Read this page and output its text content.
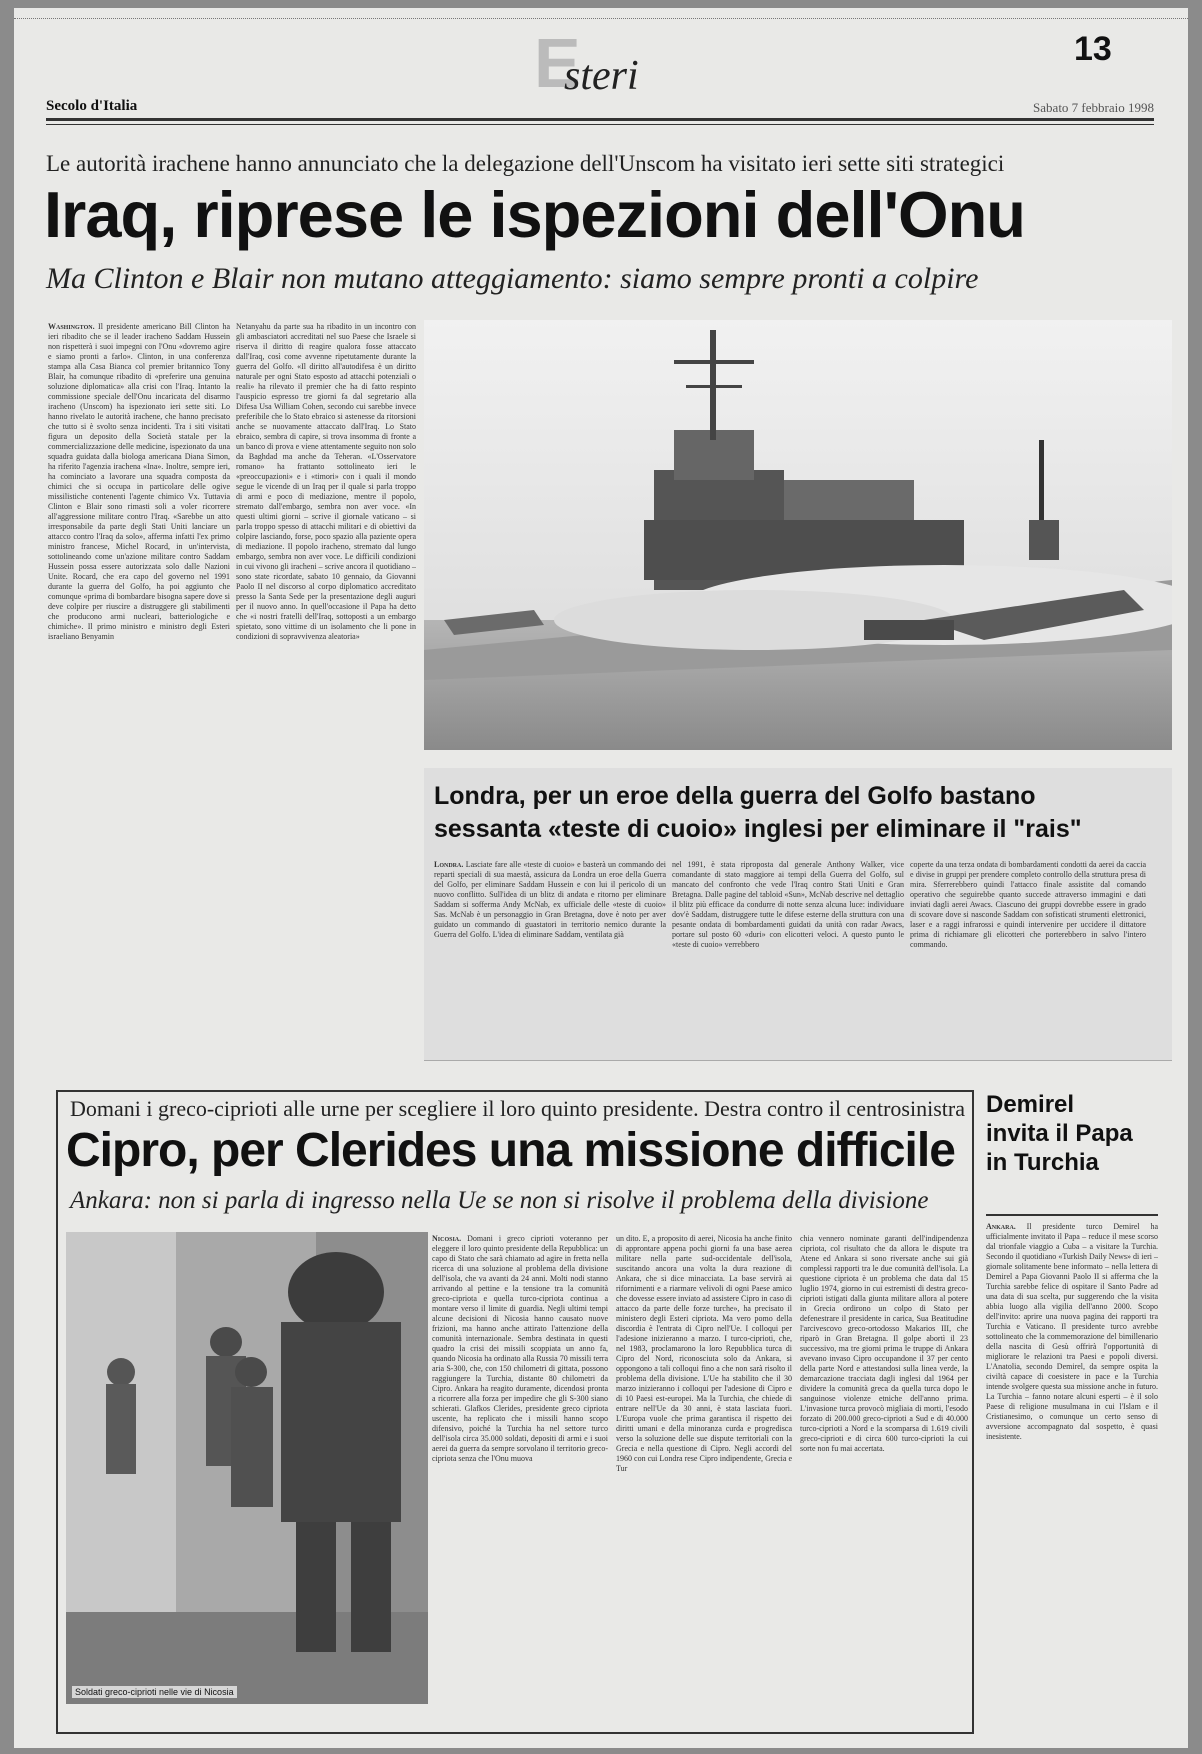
E
steri
13
Secolo d'Italia	Sabato 7 febbraio 1998
Le autorità irachene hanno annunciato che la delegazione dell'Unscom ha visitato ieri sette siti strategici
Iraq, riprese le ispezioni dell'Onu
Ma Clinton e Blair non mutano atteggiamento: siamo sempre pronti a colpire
Washington. Il presidente americano Bill Clinton ha ieri ribadito che se il leader iracheno Saddam Hussein non rispetterà i suoi impegni con l'Onu «dovremo agire e siamo pronti a farlo». Clinton, in una conferenza stampa alla Casa Bianca col premier britannico Tony Blair, ha comunque ribadito di «preferire una genuina soluzione diplomatica» alla crisi con l'Iraq. Intanto la commissione speciale dell'Onu incaricata del disarmo iracheno (Unscom) ha ispezionato ieri sette siti. Lo hanno rivelato le autorità irachene, che hanno precisato che tutto si è svolto senza incidenti. Tra i siti visitati figura un deposito della Società statale per la commercializzazione delle medicine, ispezionato da una squadra guidata dalla biologa americana Diana Simon, ha riferito l'agenzia irachena «Ina». Inoltre, sempre ieri, ha cominciato a lavorare una squadra composta da chimici che si occupa in particolare delle ogive missilistiche contenenti l'agente chimico Vx. Tuttavia Clinton e Blair sono rimasti soli a voler ricorrere all'aggressione militare contro l'Iraq. «Sarebbe un atto irresponsabile da parte degli Stati Uniti lanciare un attacco contro l'Iraq da solo», afferma infatti l'ex primo ministro francese, Michel Rocard, in un'intervista, sottolineando come un'azione militare contro Saddam Hussein possa essere autorizzata solo dalle Nazioni Unite. Rocard, che era capo del governo nel 1991 durante la guerra del Golfo, ha poi aggiunto che comunque «prima di bombardare bisogna sapere dove si deve colpire per riuscire a distruggere gli stabilimenti che producono armi nucleari, batteriologiche e chimiche». Il primo ministro e ministro degli Esteri israeliano Benyamin
Netanyahu da parte sua ha ribadito in un incontro con gli ambasciatori accreditati nel suo Paese che Israele si riserva il diritto di reagire qualora fosse attaccato dall'Iraq, così come avvenne ripetutamente durante la guerra del Golfo. «Il diritto all'autodifesa è un diritto naturale per ogni Stato esposto ad attacchi potenziali o reali» ha rilevato il premier che ha di fatto respinto l'auspicio espresso tre giorni fa dal segretario alla Difesa Usa William Cohen, secondo cui sarebbe invece preferibile che lo Stato ebraico si astenesse da ritorsioni anche se nuovamente attaccato dall'Iraq. Lo Stato ebraico, sembra di capire, si trova insomma di fronte a un banco di prova e viene attentamente seguito non solo da Baghdad ma anche da Teheran. «L'Osservatore romano» ha frattanto sottolineato ieri le «preoccupazioni» e i «timori» con i quali il mondo segue le vicende di un Iraq per il quale si parla troppo di armi e poco di mediazione, mentre il popolo, stremato dall'embargo, sembra non aver voce. «In questi ultimi giorni – scrive il giornale vaticano – si parla troppo spesso di attacchi militari e di obiettivi da colpire lasciando, forse, poco spazio alla paziente opera di mediazione. Il popolo iracheno, stremato dal lungo embargo, sembra non aver voce. Le difficili condizioni in cui vivono gli iracheni – scrive ancora il quotidiano – sono state ricordate, sabato 10 gennaio, da Giovanni Paolo II nel discorso al corpo diplomatico accreditato presso la Santa Sede per la presentazione degli auguri per il nuovo anno. In quell'occasione il Papa ha detto che «i nostri fratelli dell'Iraq, sottoposti a un embargo spietato, sono vittime di un isolamento che li pone in condizioni di sopravvivenza aleatoria»
Londra, per un eroe della guerra del Golfo bastano sessanta «teste di cuoio» inglesi per eliminare il "rais"
Londra. Lasciate fare alle «teste di cuoio» e basterà un commando dei reparti speciali di sua maestà, assicura da Londra un eroe della Guerra del Golfo, per eliminare Saddam Hussein e con lui il pericolo di un nuovo conflitto. Sull'idea di un blitz di andata e ritorno per eliminare Saddam si sofferma Andy McNab, ex ufficiale delle «teste di cuoio» Sas. McNab è un personaggio in Gran Bretagna, dove è noto per aver guidato un commando di guastatori in territorio nemico durante la Guerra del Golfo. L'idea di eliminare Saddam, ventilata già
nel 1991, è stata riproposta dal generale Anthony Walker, vice comandante di stato maggiore ai tempi della Guerra del Golfo, sul mancato del confronto che vede l'Iraq contro Stati Uniti e Gran Bretagna. Dalle pagine del tabloid «Sun», McNab descrive nel dettaglio il blitz più efficace da condurre di notte senza alcuna luce: individuare dov'è Saddam, distruggere tutte le difese esterne della struttura con una pesante ondata di bombardamenti guidati da unità con radar Awacs, portare sul posto 60 «duri» con elicotteri veloci. A questo punto le «teste di cuoio» verrebbero
coperte da una terza ondata di bombardamenti condotti da aerei da caccia e divise in gruppi per prendere completo controllo della struttura presa di mira. Sferrerebbero quindi l'attacco finale assistite dal comando operativo che seguirebbe quanto succede attraverso immagini e dati inviati dagli aerei Awacs. Ciascuno dei gruppi dovrebbe essere in grado di scovare dove si nasconde Saddam con sofisticati strumenti elettronici, laser e a raggi infrarossi e quindi intervenire per uccidere il dittatore prima di richiamare gli elicotteri che porterebbero in salvo l'intero commando.
Domani i greco-ciprioti alle urne per scegliere il loro quinto presidente. Destra contro il centrosinistra
Cipro, per Clerides una missione difficile
Ankara: non si parla di ingresso nella Ue se non si risolve il problema della divisione
Soldati greco-ciprioti nelle vie di Nicosia
Nicosia. Domani i greco ciprioti voteranno per eleggere il loro quinto presidente della Repubblica: un capo di Stato che sarà chiamato ad agire in fretta nella ricerca di una soluzione al problema della divisione dell'isola, che va avanti da 24 anni. Molti nodi stanno arrivando al pettine e la tensione tra la comunità greco-cipriota e quella turco-cipriota continua a montare verso il limite di guardia. Negli ultimi tempi alcune decisioni di Nicosia hanno causato nuove frizioni, ma hanno anche attirato l'attenzione della comunità internazionale. Sembra destinata in questi quadro la crisi dei missili scoppiata un anno fa, quando Nicosia ha ordinato alla Russia 70 missili terra aria S-300, che, con 150 chilometri di gittata, possono raggiungere la Turchia, distante 80 chilometri da Cipro. Ankara ha reagito duramente, dicendosi pronta a ricorrere alla forza per impedire che gli S-300 siano schierati. Glafkos Clerides, presidente greco cipriota uscente, ha replicato che i missili hanno scopo difensivo, poiché la Turchia ha nel settore turco dell'isola circa 35.000 soldati, depositi di armi e i suoi aerei da guerra da sempre sorvolano il territorio greco-cipriota senza che l'Onu muova
un dito. E, a proposito di aerei, Nicosia ha anche finito di approntare appena pochi giorni fa una base aerea militare nella parte sud-occidentale dell'isola, suscitando ancora una volta la dura reazione di Ankara, che si dice minacciata. La base servirà ai rifornimenti e a riarmare velivoli di ogni Paese amico che dovesse essere inviato ad assistere Cipro in caso di attacco da parte delle forze turche», ha precisato il ministero degli Esteri cipriota. Ma vero pomo della discordia è l'entrata di Cipro nell'Ue. I colloqui per l'adesione inizieranno a marzo. I turco-ciprioti, che, nel 1983, proclamarono la loro Repubblica turca di Cipro del Nord, riconosciuta solo da Ankara, si oppongono a tali colloqui fino a che non sarà risolto il problema della divisione. L'Ue ha stabilito che il 30 marzo inizieranno i colloqui per l'adesione di Cipro e di 10 Paesi est-europei. Ma la Turchia, che chiede di entrare nell'Ue da 30 anni, è stata lasciata fuori. L'Europa vuole che prima garantisca il rispetto dei diritti umani e della minoranza curda e progredisca verso la soluzione delle sue dispute territoriali con la Grecia e nella questione di Cipro. Negli accordi del 1960 con cui Londra rese Cipro indipendente, Grecia e Tur
chia vennero nominate garanti dell'indipendenza cipriota, col risultato che da allora le dispute tra Atene ed Ankara si sono riversate anche sui già complessi rapporti tra le due comunità dell'isola. La questione cipriota è un problema che data dal 15 luglio 1974, giorno in cui estremisti di destra greco-ciprioti istigati dalla giunta militare allora al potere in Grecia ordirono un colpo di Stato per defenestrare il presidente in carica, Sua Beatitudine l'arcivescovo greco-ortodosso Makarios III, che riparò in Gran Bretagna. Il golpe abortì il 23 successivo, ma tre giorni prima le truppe di Ankara avevano invaso Cipro occupandone il 37 per cento della parte Nord e attestandosi sulla linea verde, la demarcazione tracciata dagli inglesi dal 1964 per dividere la comunità greca da quella turca dopo le sanguinose violenze etniche dell'anno prima. L'invasione turca provocò migliaia di morti, l'esodo forzato di 200.000 greco-ciprioti a Sud e di 40.000 turco-ciprioti a Nord e la scomparsa di 1.619 civili greco-ciprioti e di circa 600 turco-ciprioti la cui sorte non fu mai accertata.
Demirel invita il Papa in Turchia
Ankara. Il presidente turco Demirel ha ufficialmente invitato il Papa – reduce il mese scorso dal trionfale viaggio a Cuba – a visitare la Turchia. Secondo il quotidiano «Turkish Daily News» di ieri – giornale solitamente bene informato – nella lettera di Demirel a Papa Giovanni Paolo II si afferma che la Turchia sarebbe felice di ospitare il Santo Padre ad una data di sua scelta, pur suggerendo che la visita abbia luogo alla vigilia dell'anno 2000. Scopo dell'invito: aprire una nuova pagina dei rapporti tra Turchia e Vaticano. Il presidente turco avrebbe sottolineato che la commemorazione del bimillenario della nascita di Gesù offrirà l'opportunità di migliorare le relazioni tra Paesi e popoli diversi. L'Anatolia, secondo Demirel, da sempre ospita la civiltà capace di coesistere in pace e la Turchia intende svolgere questa sua missione anche in futuro. La Turchia – fanno notare alcuni esperti – è il solo Paese di religione musulmana in cui l'Islam e il Cristianesimo, o comunque un certo senso di avversione accompagnato dal sospetto, è quasi inesistente.
